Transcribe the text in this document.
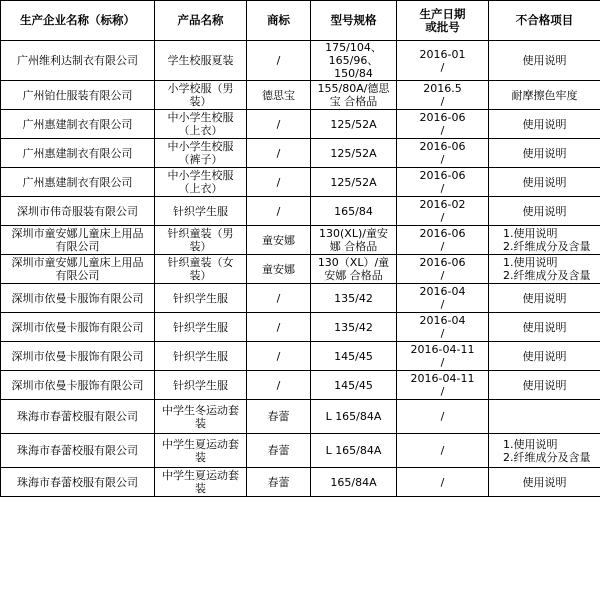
生产企业名称（标称）	产品名称	商标	型号规格	生产日期
或批号	不合格项目
广州维利达制衣有限公司	学生校服夏装	/	175/104、
165/96、
150/84	2016-01
/	使用说明
广州铂仕服装有限公司	小学校服（男
装）	德思宝	155/80A/德思
宝 合格品	2016.5
/	耐摩擦色牢度
广州惠建制衣有限公司	中小学生校服
（上衣）	/	125/52A	2016-06
/	使用说明
广州惠建制衣有限公司	中小学生校服
（裤子）	/	125/52A	2016-06
/	使用说明
广州惠建制衣有限公司	中小学生校服
（上衣）	/	125/52A	2016-06
/	使用说明
深圳市伟奇服装有限公司	针织学生服	/	165/84	2016-02
/	使用说明
深圳市童安娜儿童床上用品
有限公司	针织童装（男
装）	童安娜	130(XL)/童安
娜 合格品	2016-06
/	1.使用说明
2.纤维成分及含量
深圳市童安娜儿童床上用品
有限公司	针织童装（女
装）	童安娜	130（XL）/童
安娜 合格品	2016-06
/	1.使用说明
2.纤维成分及含量
深圳市依曼卡服饰有限公司	针织学生服	/	135/42	2016-04
/	使用说明
深圳市依曼卡服饰有限公司	针织学生服	/	135/42	2016-04
/	使用说明
深圳市依曼卡服饰有限公司	针织学生服	/	145/45	2016-04-11
/	使用说明
深圳市依曼卡服饰有限公司	针织学生服	/	145/45	2016-04-11
/	使用说明
珠海市春蕾校服有限公司	中学生冬运动套
装	春蕾	L 165/84A	/	
珠海市春蕾校服有限公司	中学生夏运动套
装	春蕾	L 165/84A	/	1.使用说明
2.纤维成分及含量
珠海市春蕾校服有限公司	中学生夏运动套
装	春蕾	165/84A	/	使用说明
